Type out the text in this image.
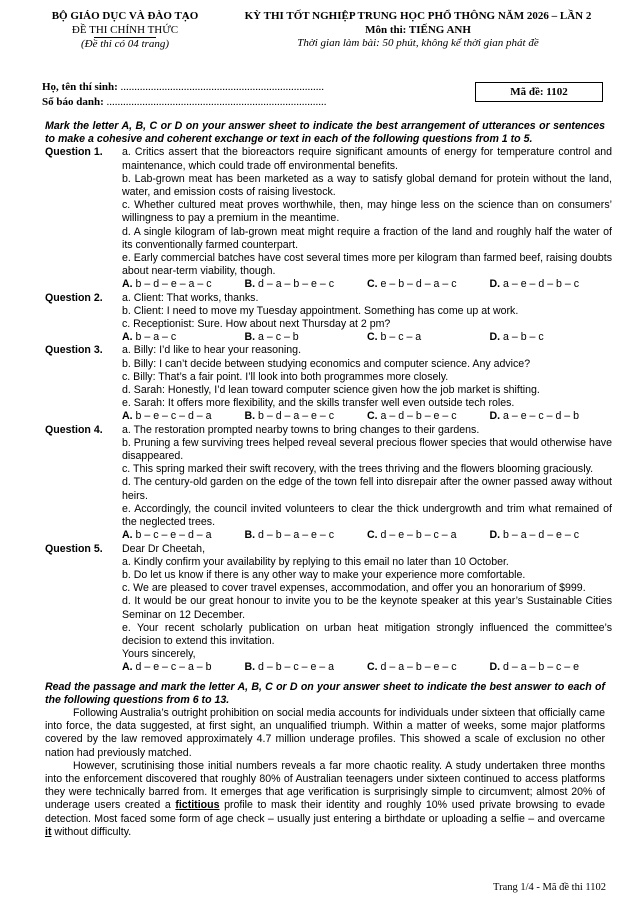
BỘ GIÁO DỤC VÀ ĐÀO TẠO
ĐỀ THI CHÍNH THỨC
(Đề thi có 04 trang)
KỲ THI TỐT NGHIỆP TRUNG HỌC PHỔ THÔNG NĂM 2026 – LẦN 2
Môn thi: TIẾNG ANH
Thời gian làm bài: 50 phút, không kể thời gian phát đề
Họ, tên thí sinh: ..........................................................................
Số báo danh: ................................................................................
Mã đề: 1102
Mark the letter A, B, C or D on your answer sheet to indicate the best arrangement of utterances or sentences to make a cohesive and coherent exchange or text in each of the following questions from 1 to 5.
Question 1.	a. Critics assert that the bioreactors require significant amounts of energy for temperature control and maintenance, which could trade off environmental benefits.
b. Lab-grown meat has been marketed as a way to satisfy global demand for protein without the land, water, and emission costs of raising livestock.
c. Whether cultured meat proves worthwhile, then, may hinge less on the science than on consumers’ willingness to pay a premium in the meantime.
d. A single kilogram of lab-grown meat might require a fraction of the land and roughly half the water of its conventionally farmed counterpart.
e. Early commercial batches have cost several times more per kilogram than farmed beef, raising doubts about near-term viability, though.
A. b – d – e – a – c	B. d – a – b – e – c	C. e – b – d – a – c	D. a – e – d – b – c
Question 2.	a. Client: That works, thanks.
b. Client: I need to move my Tuesday appointment. Something has come up at work.
c. Receptionist: Sure. How about next Thursday at 2 pm?
A. b – a – c	B. a – c – b	C. b – c – a	D. a – b – c
Question 3.	a. Billy: I’d like to hear your reasoning.
b. Billy: I can’t decide between studying economics and computer science. Any advice?
c. Billy: That’s a fair point. I’ll look into both programmes more closely.
d. Sarah: Honestly, I’d lean toward computer science given how the job market is shifting.
e. Sarah: It offers more flexibility, and the skills transfer well even outside tech roles.
A. b – e – c – d – a	B. b – d – a – e – c	C. a – d – b – e – c	D. a – e – c – d – b
Question 4.	a. The restoration prompted nearby towns to bring changes to their gardens.
b. Pruning a few surviving trees helped reveal several precious flower species that would otherwise have disappeared.
c. This spring marked their swift recovery, with the trees thriving and the flowers blooming graciously.
d. The century-old garden on the edge of the town fell into disrepair after the owner passed away without heirs.
e. Accordingly, the council invited volunteers to clear the thick undergrowth and trim what remained of the neglected trees.
A. b – c – e – d – a	B. d – b – a – e – c	C. d – e – b – c – a	D. b – a – d – e – c
Question 5.	Dear Dr Cheetah,
a. Kindly confirm your availability by replying to this email no later than 10 October.
b. Do let us know if there is any other way to make your experience more comfortable.
c. We are pleased to cover travel expenses, accommodation, and offer you an honorarium of $999.
d. It would be our great honour to invite you to be the keynote speaker at this year’s Sustainable Cities Seminar on 12 December.
e. Your recent scholarly publication on urban heat mitigation strongly influenced the committee’s decision to extend this invitation.
Yours sincerely,
A. d – e – c – a – b	B. d – b – c – e – a	C. d – a – b – e – c	D. d – a – b – c – e
Read the passage and mark the letter A, B, C or D on your answer sheet to indicate the best answer to each of the following questions from 6 to 13.

Following Australia’s outright prohibition on social media accounts for individuals under sixteen that officially came into force, the data suggested, at first sight, an unqualified triumph. Within a matter of weeks, some major platforms covered by the law removed approximately 4.7 million underage profiles. This showed a scale of exclusion no other nation had previously matched.

However, scrutinising those initial numbers reveals a far more chaotic reality. A study undertaken three months into the enforcement discovered that roughly 80% of Australian teenagers under sixteen continued to access platforms they were technically barred from. It emerges that age verification is surprisingly simple to circumvent; almost 20% of underage users created a fictitious profile to mask their identity and roughly 10% used private browsing to evade detection. Most faced some form of age check – usually just entering a birthdate or uploading a selfie – and overcame it without difficulty.

Trang 1/4 - Mã đề thi 1102
